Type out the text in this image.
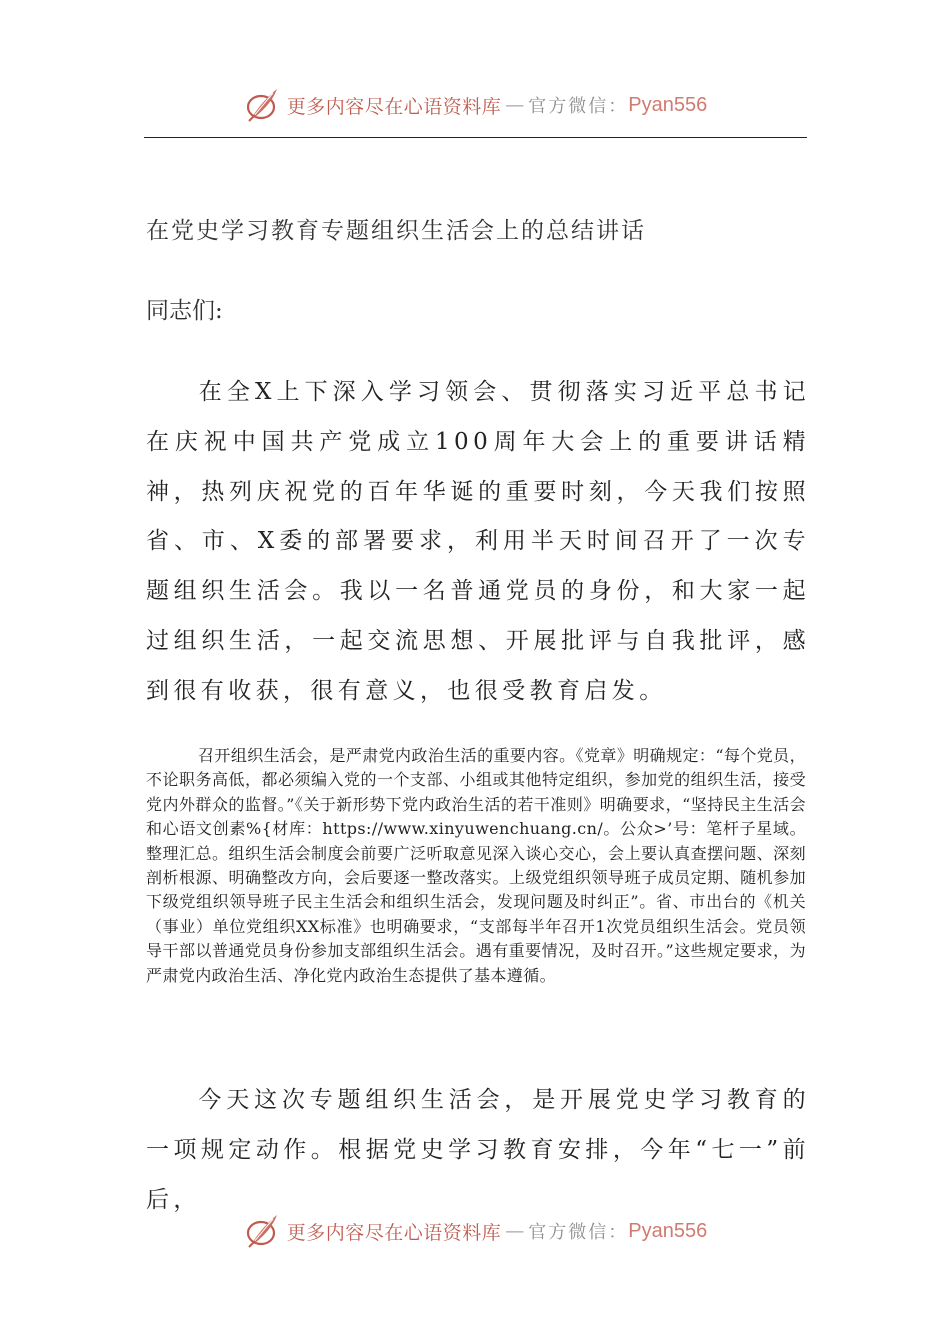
更多内容尽在心语资料库 — 官方微信： Pyan556
在党史学习教育专题组织生活会上的总结讲话
同志们:

在全X上下深入学习领会、贯彻落实习近平总书记在庆祝中国共产党成立100周年大会上的重要讲话精神，热列庆祝党的百年华诞的重要时刻，今天我们按照省、市、X委的部署要求，利用半天时间召开了一次专题组织生活会。我以一名普通党员的身份，和大家一起过组织生活，一起交流思想、开展批评与自我批评，感到很有收获，很有意义，也很受教育启发。

召开组织生活会，是严肃党内政治生活的重要内容。《党章》明确规定：“每个党员，不论职务高低，都必须编入党的一个支部、小组或其他特定组织，参加党的组织生活，接受党内外群众的监督。”《关于新形势下党内政治生活的若干准则》明确要求，“坚持民主生活会和心语文创素%{材库：https://www.xinyuwenchuang.cn/。公众>’号：笔杆子星域。整理汇总。组织生活会制度会前要广泛听取意见深入谈心交心，会上要认真查摆问题、深刻剖析根源、明确整改方向，会后要逐一整改落实。上级党组织领导班子成员定期、随机参加下级党组织领导班子民主生活会和组织生活会，发现问题及时纠正”。省、市出台的《机关（事业）单位党组织XX标准》也明确要求，“支部每半年召开1次党员组织生活会。党员领导干部以普通党员身份参加支部组织生活会。遇有重要情况，及时召开。”这些规定要求，为严肃党内政治生活、净化党内政治生态提供了基本遵循。

今天这次专题组织生活会，是开展党史学习教育的一项规定动作。根据党史学习教育安排，今年“七一”前后，

更多内容尽在心语资料库 — 官方微信： Pyan556
